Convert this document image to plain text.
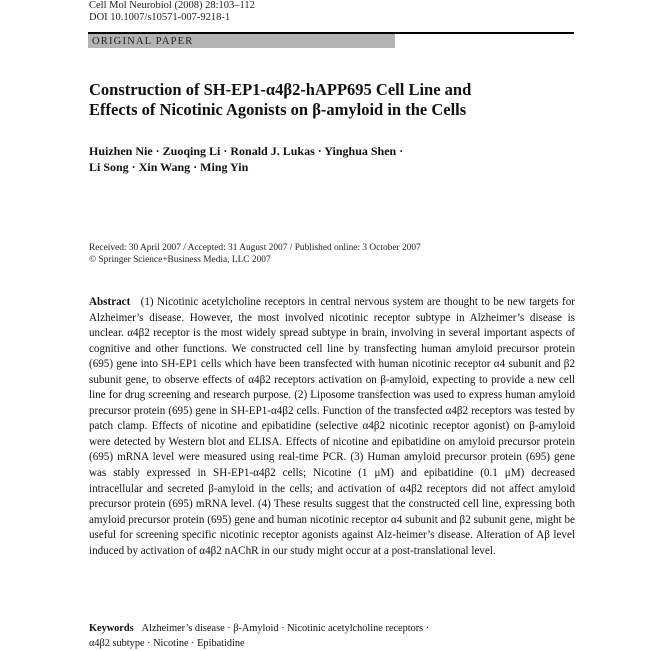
Cell Mol Neurobiol (2008) 28:103–112
DOI 10.1007/s10571-007-9218-1
ORIGINAL PAPER
Construction of SH-EP1-α4β2-hAPP695 Cell Line and
Effects of Nicotinic Agonists on β-amyloid in the Cells
Huizhen Nie · Zuoqing Li · Ronald J. Lukas · Yinghua Shen ·
Li Song · Xin Wang · Ming Yin
Received: 30 April 2007 / Accepted: 31 August 2007 / Published online: 3 October 2007
© Springer Science+Business Media, LLC 2007
Abstract (1) Nicotinic acetylcholine receptors in central nervous system are thought to be new targets for Alzheimer’s disease. However, the most involved nicotinic receptor subtype in Alzheimer’s disease is unclear. α4β2 receptor is the most widely spread subtype in brain, involving in several important aspects of cognitive and other functions. We constructed cell line by transfecting human amyloid precursor protein (695) gene into SH-EP1 cells which have been transfected with human nicotinic receptor α4 subunit and β2 subunit gene, to observe effects of α4β2 receptors activation on β-amyloid, expecting to provide a new cell line for drug screening and research purpose. (2) Liposome transfection was used to express human amyloid precursor protein (695) gene in SH-EP1-α4β2 cells. Function of the transfected α4β2 receptors was tested by patch clamp. Effects of nicotine and epibatidine (selective α4β2 nicotinic receptor agonist) on β-amyloid were detected by Western blot and ELISA. Effects of nicotine and epibatidine on amyloid precursor protein (695) mRNA level were measured using real-time PCR. (3) Human amyloid precursor protein (695) gene was stably expressed in SH-EP1-α4β2 cells; Nicotine (1 μM) and epibatidine (0.1 μM) decreased intracellular and secreted β-amyloid in the cells; and activation of α4β2 receptors did not affect amyloid precursor protein (695) mRNA level. (4) These results suggest that the constructed cell line, expressing both amyloid precursor protein (695) gene and human nicotinic receptor α4 subunit and β2 subunit gene, might be useful for screening specific nicotinic receptor agonists against Alz-heimer’s disease. Alteration of Aβ level induced by activation of α4β2 nAChR in our study might occur at a post-translational level.
Keywords Alzheimer’s disease · β-Amyloid · Nicotinic acetylcholine receptors ·
α4β2 subtype · Nicotine · Epibatidine
